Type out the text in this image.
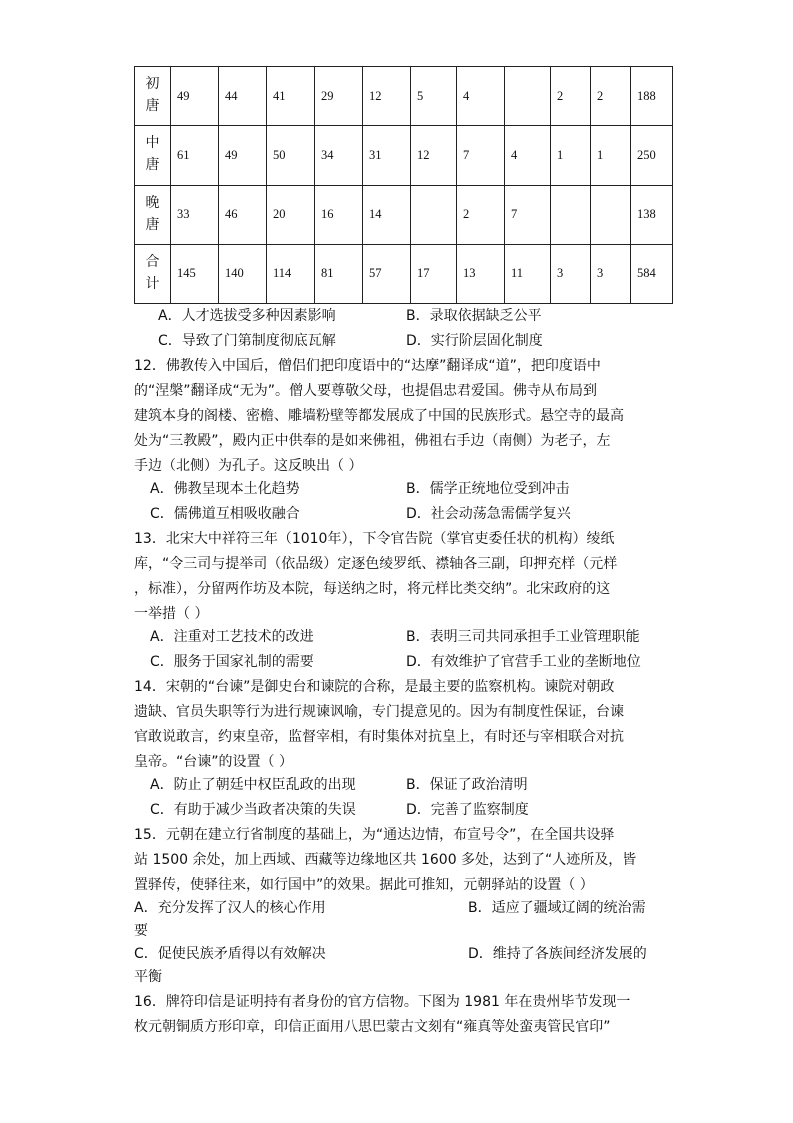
初
唐	49	44	41	29	12	5	4		2	2	188

中
唐	61	49	50	34	31	12	7	4	1	1	250

晚
唐	33	46	20	16	14		2	7			138

合
计	145	140	114	81	57	17	13	11	3	3	584
A．人才选拔受多种因素影响	B．录取依据缺乏公平
C．导致了门第制度彻底瓦解	D．实行阶层固化制度
12．佛教传入中国后，僧侣们把印度语中的“达摩”翻译成“道”，把印度语中
的“涅槃”翻译成“无为”。僧人要尊敬父母，也提倡忠君爱国。佛寺从布局到
建筑本身的阁楼、密檐、雕墙粉壁等都发展成了中国的民族形式。悬空寺的最高
处为“三教殿”，殿内正中供奉的是如来佛祖，佛祖右手边（南侧）为老子，左
手边（北侧）为孔子。这反映出（ ）
A．佛教呈现本土化趋势	B．儒学正统地位受到冲击
C．儒佛道互相吸收融合	D．社会动荡急需儒学复兴
13．北宋大中祥符三年（1010年），下令官告院（掌官吏委任状的机构）绫纸
库，“令三司与提举司（依品级）定逐色绫罗纸、襟轴各三副，印押充样（元样
，标准），分留两作坊及本院，每送纳之时，将元样比类交纳”。北宋政府的这
一举措（ ）
A．注重对工艺技术的改进	B．表明三司共同承担手工业管理职能
C．服务于国家礼制的需要	D．有效维护了官营手工业的垄断地位
14．宋朝的“台谏”是御史台和谏院的合称，是最主要的监察机构。谏院对朝政
遗缺、官员失职等行为进行规谏讽喻，专门提意见的。因为有制度性保证，台谏
官敢说敢言，约束皇帝，监督宰相，有时集体对抗皇上，有时还与宰相联合对抗
皇帝。“台谏”的设置（ ）
A．防止了朝廷中权臣乱政的出现	B．保证了政治清明
C．有助于减少当政者决策的失误	D．完善了监察制度
15．元朝在建立行省制度的基础上，为“通达边情，布宣号令”，在全国共设驿
站 1500 余处，加上西域、西藏等边缘地区共 1600 多处，达到了“人迹所及，皆
置驿传，使驿往来，如行国中”的效果。据此可推知，元朝驿站的设置（ ）
A．充分发挥了汉人的核心作用	B．适应了疆域辽阔的统治需
要
C．促使民族矛盾得以有效解决	D．维持了各族间经济发展的
平衡
16．牌符印信是证明持有者身份的官方信物。下图为 1981 年在贵州毕节发现一
枚元朝铜质方形印章，印信正面用八思巴蒙古文刻有“雍真等处蛮夷管民官印”
